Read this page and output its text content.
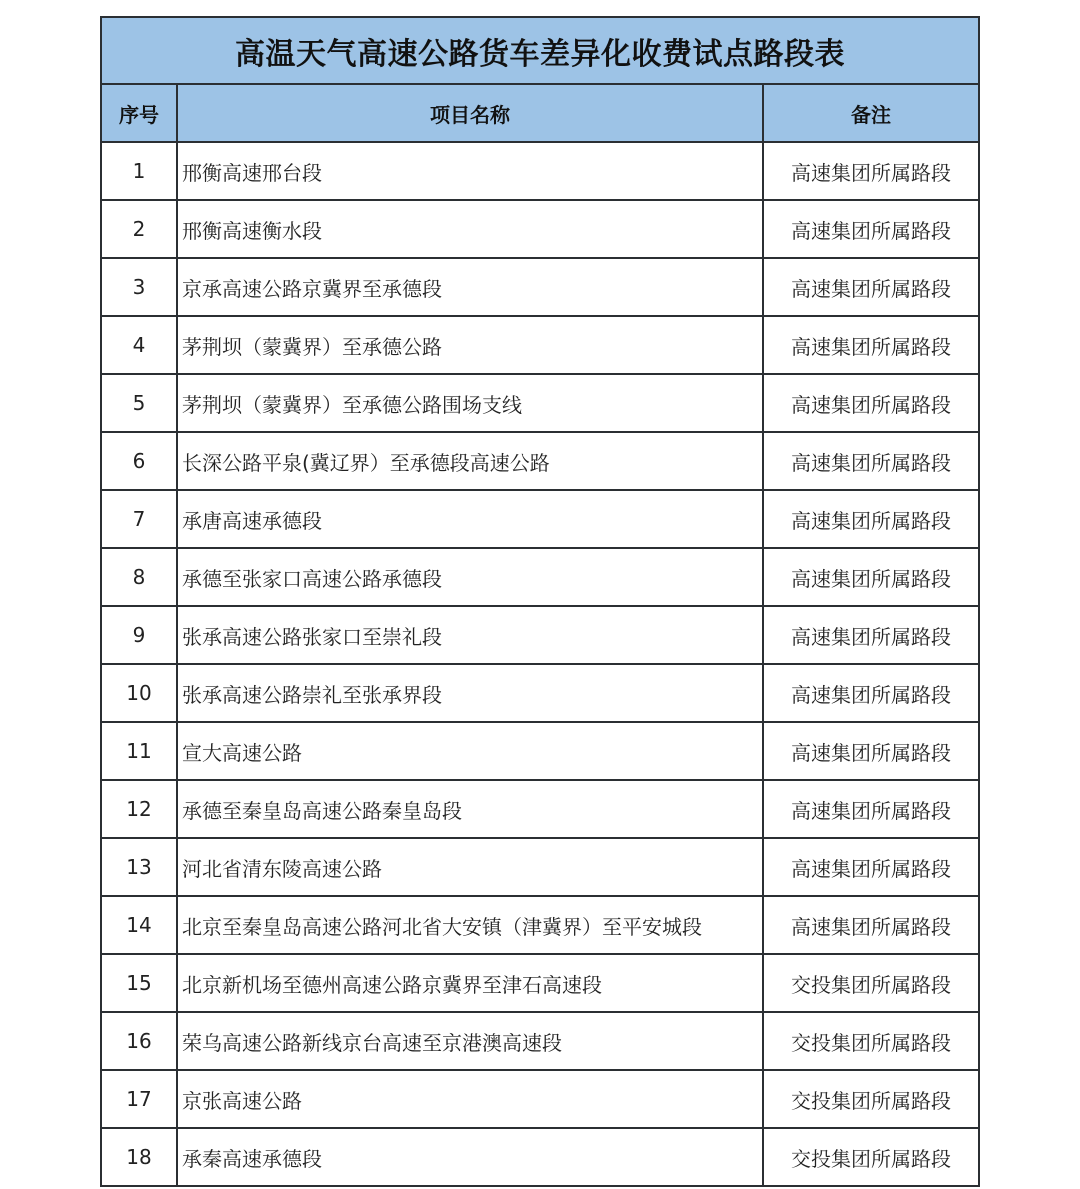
高温天气高速公路货车差异化收费试点路段表		
序号	项目名称	备注
1	邢衡高速邢台段	高速集团所属路段
2	邢衡高速衡水段	高速集团所属路段
3	京承高速公路京冀界至承德段	高速集团所属路段
4	茅荆坝（蒙冀界）至承德公路	高速集团所属路段
5	茅荆坝（蒙冀界）至承德公路围场支线	高速集团所属路段
6	长深公路平泉(冀辽界）至承德段高速公路	高速集团所属路段
7	承唐高速承德段	高速集团所属路段
8	承德至张家口高速公路承德段	高速集团所属路段
9	张承高速公路张家口至崇礼段	高速集团所属路段
10	张承高速公路崇礼至张承界段	高速集团所属路段
11	宣大高速公路	高速集团所属路段
12	承德至秦皇岛高速公路秦皇岛段	高速集团所属路段
13	河北省清东陵高速公路	高速集团所属路段
14	北京至秦皇岛高速公路河北省大安镇（津冀界）至平安城段	高速集团所属路段
15	北京新机场至德州高速公路京冀界至津石高速段	交投集团所属路段
16	荣乌高速公路新线京台高速至京港澳高速段	交投集团所属路段
17	京张高速公路	交投集团所属路段
18	承秦高速承德段	交投集团所属路段
